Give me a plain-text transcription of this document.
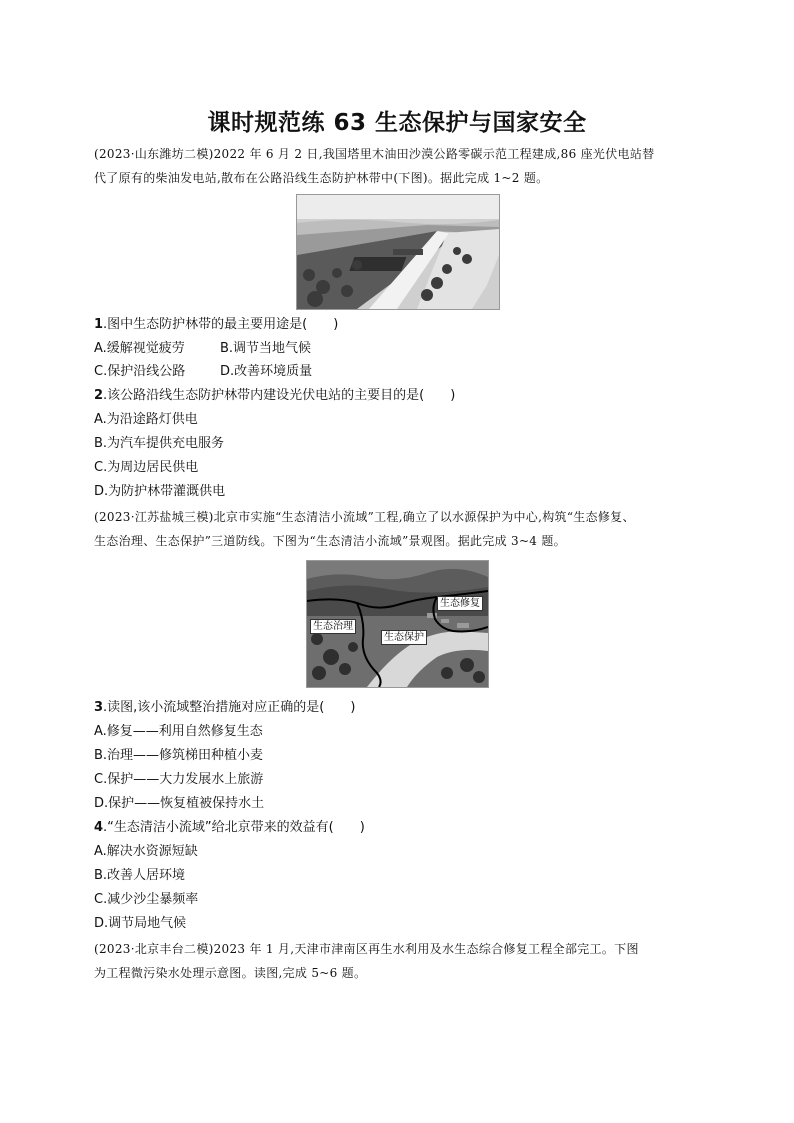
课时规范练 63 生态保护与国家安全
(2023·山东潍坊二模)2022 年 6 月 2 日,我国塔里木油田沙漠公路零碳示范工程建成,86 座光伏电站替
代了原有的柴油发电站,散布在公路沿线生态防护林带中(下图)。据此完成 1~2 题。
1.图中生态防护林带的最主要用途是(　　)
A.缓解视觉疲劳	B.调节当地气候
C.保护沿线公路	D.改善环境质量
2.该公路沿线生态防护林带内建设光伏电站的主要目的是(　　)
A.为沿途路灯供电
B.为汽车提供充电服务
C.为周边居民供电
D.为防护林带灌溉供电
(2023·江苏盐城三模)北京市实施“生态清洁小流域”工程,确立了以水源保护为中心,构筑“生态修复、
生态治理、生态保护”三道防线。下图为“生态清洁小流域”景观图。据此完成 3~4 题。
生态修复
生态治理
生态保护
3.读图,该小流域整治措施对应正确的是(　　)
A.修复——利用自然修复生态
B.治理——修筑梯田种植小麦
C.保护——大力发展水上旅游
D.保护——恢复植被保持水土
4.“生态清洁小流域”给北京带来的效益有(　　)
A.解决水资源短缺
B.改善人居环境
C.减少沙尘暴频率
D.调节局地气候
(2023·北京丰台二模)2023 年 1 月,天津市津南区再生水利用及水生态综合修复工程全部完工。下图
为工程微污染水处理示意图。读图,完成 5~6 题。
